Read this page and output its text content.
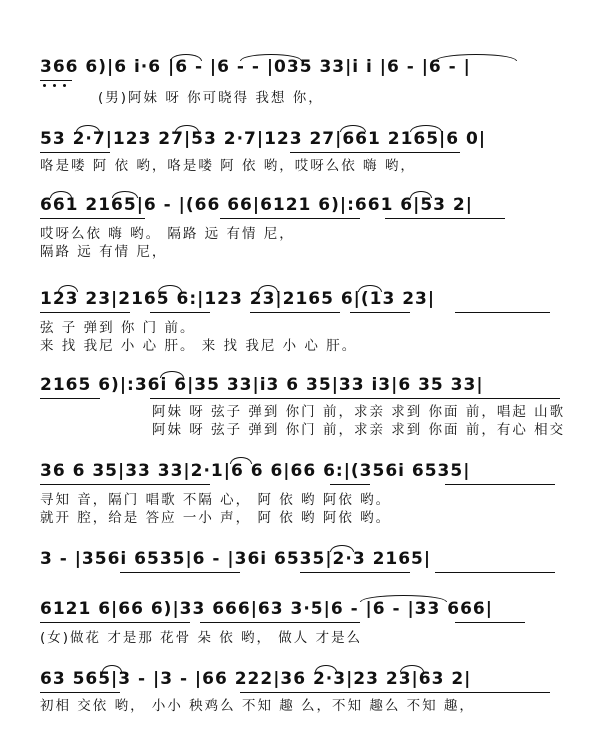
366 6)|6 i·6 |6 - |6 - - |035 33|i i |6 - |6 - |
(男)阿妹 呀 你可晓得 我想 你，
53 2·7|123 27|53 2·7|123 27|661 2165|6 0|
咯是喽 阿 依 哟，咯是喽 阿 依 哟，哎呀么依 嗨 哟，
661 2165|6 - |(66 66|6121 6)|:661 6|53 2|
哎呀么依 嗨 哟。 隔路 远 有情 尼，
隔路 远 有情 尼，
123 23|2165 6:|123 23|2165 6|(13 23|
弦 子 弹到 你 门 前。
来 找 我尼 小 心 肝。 来 找 我尼 小 心 肝。
2165 6)|:36i 6|35 33|i3 6 35|33 i3|6 35 33|
阿妹 呀 弦子 弹到 你门 前，求亲 求到 你面 前，唱起 山歌
阿妹 呀 弦子 弹到 你门 前，求亲 求到 你面 前，有心 相交
36 6 35|33 33|2·1|6 6 6|66 6:|(356i 6535|
寻知 音，隔门 唱歌 不隔 心， 阿 依 哟 阿依 哟。
就开 腔，给是 答应 一小 声， 阿 依 哟 阿依 哟。
3 - |356i 6535|6 - |36i 6535|2·3 2165|
6121 6|66 6)|33 666|63 3·5|6 - |6 - |33 666|
(女)做花 才是那 花骨 朵 依 哟， 做人 才是么
63 565|3 - |3 - |66 222|36 2·3|23 23|63 2|
初相 交依 哟， 小小 秧鸡么 不知 趣 么，不知 趣么 不知 趣，
